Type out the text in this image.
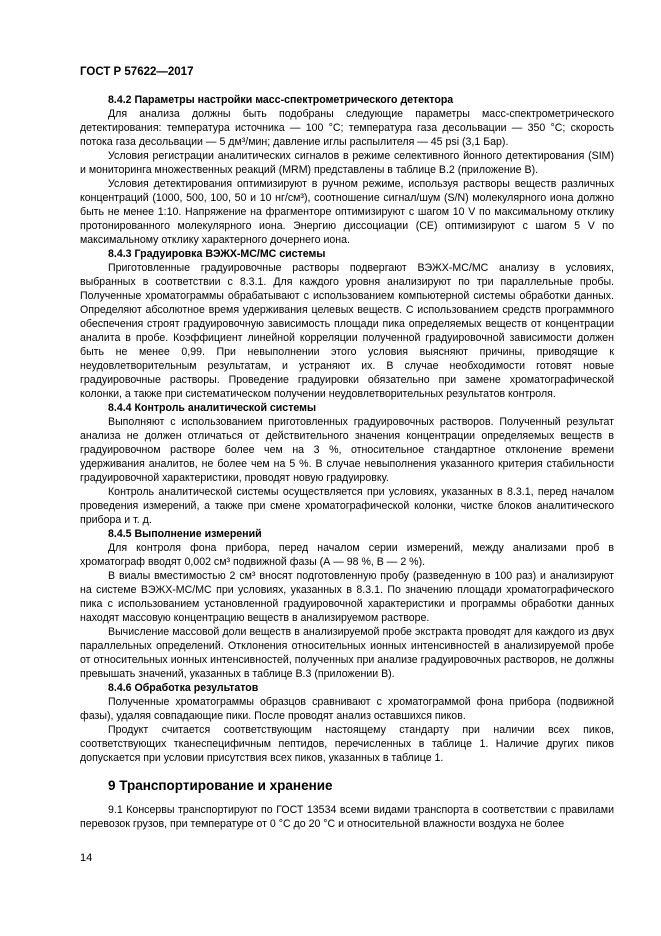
ГОСТ Р 57622—2017
8.4.2 Параметры настройки масс-спектрометрического детектора

Для анализа должны быть подобраны следующие параметры масс-спектрометрического детектирования: температура источника — 100 °С; температура газа десольвации — 350 °С; скорость потока газа десольвации — 5 дм³/мин; давление иглы распылителя — 45 psi (3,1 Бар).

Условия регистрации аналитических сигналов в режиме селективного йонного детектирования (SIM) и мониторинга множественных реакций (MRM) представлены в таблице В.2 (приложение В).

Условия детектирования оптимизируют в ручном режиме, используя растворы веществ различных концентраций (1000, 500, 100, 50 и 10 нг/см³), соотношение сигнал/шум (S/N) молекулярного иона должно быть не менее 1:10. Напряжение на фрагменторе оптимизируют с шагом 10 V по максимальному отклику протонированного молекулярного иона. Энергию диссоциации (СЕ) оптимизируют с шагом 5 V по максимальному отклику характерного дочернего иона.

8.4.3 Градуировка ВЭЖХ-МС/МС системы

Приготовленные градуировочные растворы подвергают ВЭЖХ-МС/МС анализу в условиях, выбранных в соответствии с 8.3.1. Для каждого уровня анализируют по три параллельные пробы. Полученные хроматограммы обрабатывают с использованием компьютерной системы обработки данных. Определяют абсолютное время удерживания целевых веществ. С использованием средств программного обеспечения строят градуировочную зависимость площади пика определяемых веществ от концентрации аналита в пробе. Коэффициент линейной корреляции полученной градуировочной зависимости должен быть не менее 0,99. При невыполнении этого условия выясняют причины, приводящие к неудовлетворительным результатам, и устраняют их. В случае необходимости готовят новые градуировочные растворы. Проведение градуировки обязательно при замене хроматографической колонки, а также при систематическом получении неудовлетворительных результатов контроля.

8.4.4 Контроль аналитической системы

Выполняют с использованием приготовленных градуировочных растворов. Полученный результат анализа не должен отличаться от действительного значения концентрации определяемых веществ в градуировочном растворе более чем на 3 %, относительное стандартное отклонение времени удерживания аналитов, не более чем на 5 %. В случае невыполнения указанного критерия стабильности градуировочной характеристики, проводят новую градуировку.

Контроль аналитической системы осуществляется при условиях, указанных в 8.3.1, перед началом проведения измерений, а также при смене хроматографической колонки, чистке блоков аналитического прибора и т. д.

8.4.5 Выполнение измерений

Для контроля фона прибора, перед началом серии измерений, между анализами проб в хроматограф вводят 0,002 см³ подвижной фазы (А — 98 %, В — 2 %).

В виалы вместимостью 2 см³ вносят подготовленную пробу (разведенную в 100 раз) и анализируют на системе ВЭЖХ-МС/МС при условиях, указанных в 8.3.1. По значению площади хроматографического пика с использованием установленной градуировочной характеристики и программы обработки данных находят массовую концентрацию веществ в анализируемом растворе.

Вычисление массовой доли веществ в анализируемой пробе экстракта проводят для каждого из двух параллельных определений. Отклонения относительных ионных интенсивностей в анализируемой пробе от относительных ионных интенсивностей, полученных при анализе градуировочных растворов, не должны превышать значений, указанных в таблице В.3 (приложении В).

8.4.6 Обработка результатов

Полученные хроматограммы образцов сравнивают с хроматограммой фона прибора (подвижной фазы), удаляя совпадающие пики. После проводят анализ оставшихся пиков.

Продукт считается соответствующим настоящему стандарту при наличии всех пиков, соответствующих тканеспецифичным пептидов, перечисленных в таблице 1. Наличие других пиков допускается при условии присутствия всех пиков, указанных в таблице 1.

9 Транспортирование и хранение

9.1 Консервы транспортируют по ГОСТ 13534 всеми видами транспорта в соответствии с правилами перевозок грузов, при температуре от 0 °С до 20 °С и относительной влажности воздуха не более

14
